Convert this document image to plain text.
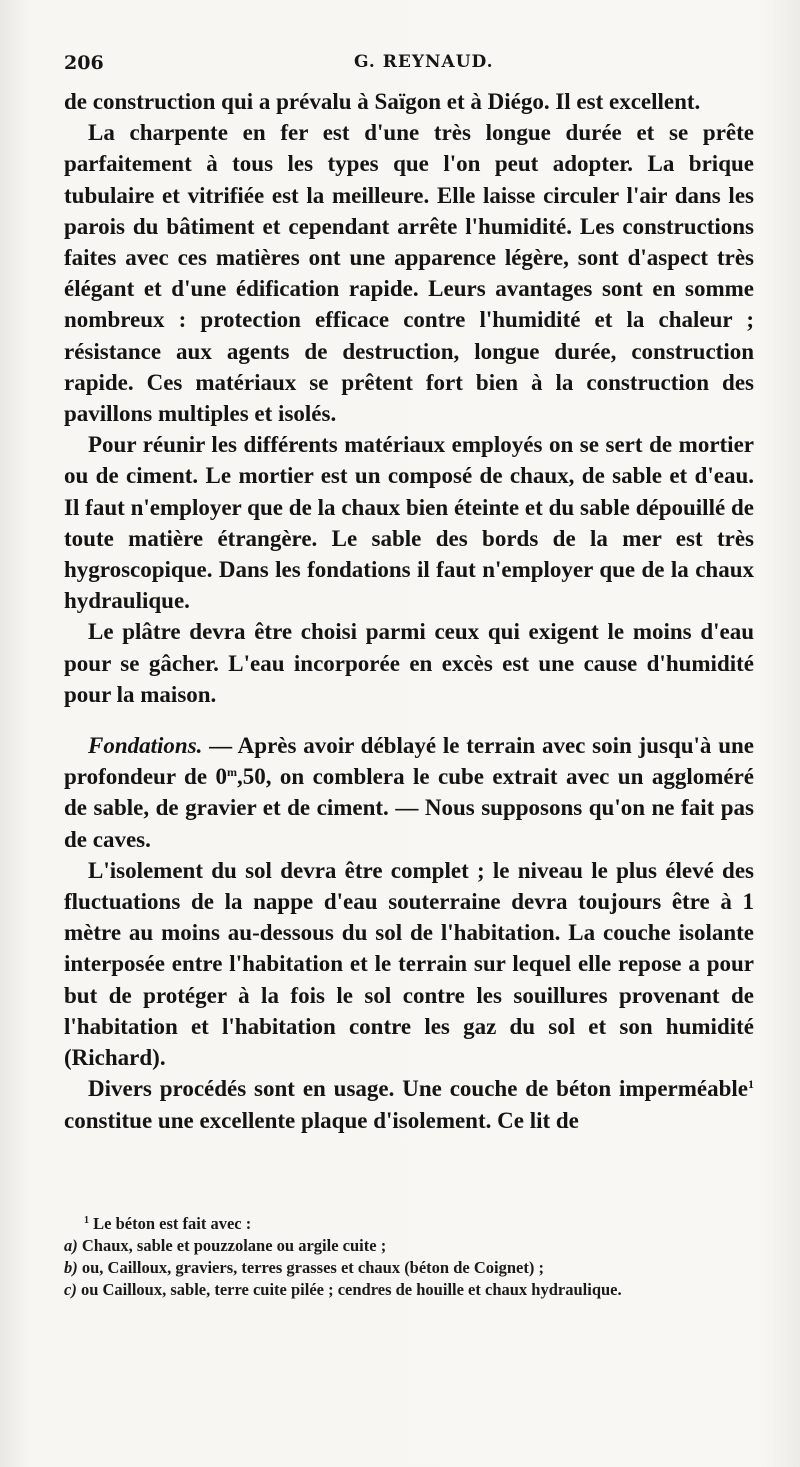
206	G. REYNAUD.

de construction qui a prévalu à Saïgon et à Diégo. Il est excellent.

La charpente en fer est d'une très longue durée et se prête parfaitement à tous les types que l'on peut adopter. La brique tubulaire et vitrifiée est la meilleure. Elle laisse circuler l'air dans les parois du bâtiment et cependant arrête l'humidité. Les constructions faites avec ces matières ont une apparence légère, sont d'aspect très élégant et d'une édification rapide. Leurs avantages sont en somme nombreux : protection efficace contre l'humidité et la chaleur ; résistance aux agents de destruction, longue durée, construction rapide. Ces matériaux se prêtent fort bien à la construction des pavillons multiples et isolés.

Pour réunir les différents matériaux employés on se sert de mortier ou de ciment. Le mortier est un composé de chaux, de sable et d'eau. Il faut n'employer que de la chaux bien éteinte et du sable dépouillé de toute matière étrangère. Le sable des bords de la mer est très hygroscopique. Dans les fondations il faut n'employer que de la chaux hydraulique.

Le plâtre devra être choisi parmi ceux qui exigent le moins d'eau pour se gâcher. L'eau incorporée en excès est une cause d'humidité pour la maison.

Fondations. — Après avoir déblayé le terrain avec soin jusqu'à une profondeur de 0$^m$,50, on comblera le cube extrait avec un aggloméré de sable, de gravier et de ciment. — Nous supposons qu'on ne fait pas de caves.

L'isolement du sol devra être complet ; le niveau le plus élevé des fluctuations de la nappe d'eau souterraine devra toujours être à 1 mètre au moins au-dessous du sol de l'habitation. La couche isolante interposée entre l'habitation et le terrain sur lequel elle repose a pour but de protéger à la fois le sol contre les souillures provenant de l'habitation et l'habitation contre les gaz du sol et son humidité (Richard).

Divers procédés sont en usage. Une couche de béton imperméable$^1$ constitue une excellente plaque d'isolement. Ce lit de

$^1$ Le béton est fait avec :

a) Chaux, sable et pouzzolane ou argile cuite ;

b) ou, Cailloux, graviers, terres grasses et chaux (béton de Coignet) ;

c) ou Cailloux, sable, terre cuite pilée ; cendres de houille et chaux hydraulique.
